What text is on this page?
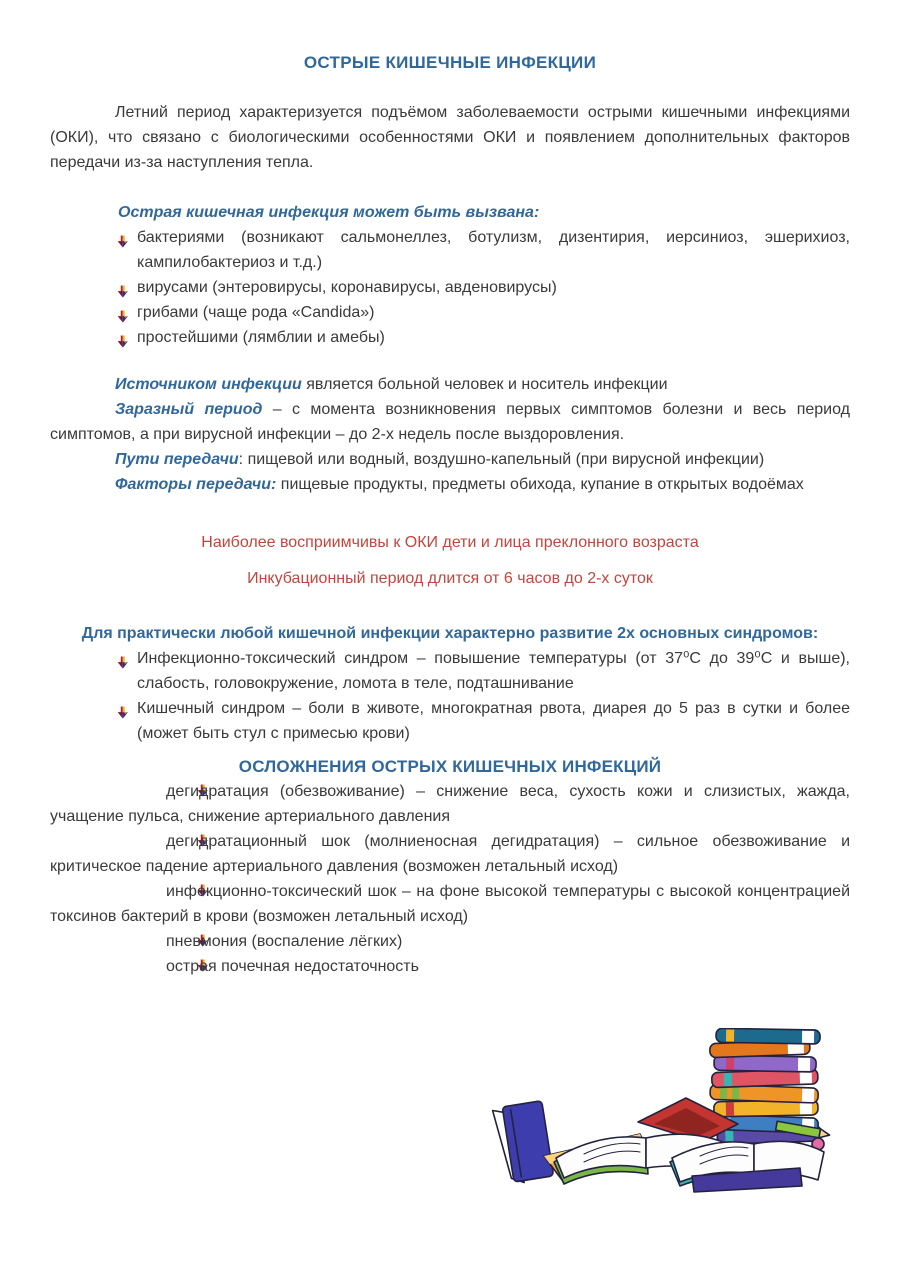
ОСТРЫЕ КИШЕЧНЫЕ ИНФЕКЦИИ

Летний период характеризуется подъёмом заболеваемости острыми кишечными инфекциями (ОКИ), что связано с биологическими особенностями ОКИ и появлением дополнительных факторов передачи из-за наступления тепла.

Острая кишечная инфекция может быть вызвана:
бактериями (возникают сальмонеллез, ботулизм, дизентирия, иерсиниоз, эшерихиоз, кампилобактериоз и т.д.)
вирусами (энтеровирусы, коронавирусы, авденовирусы)
грибами (чаще рода «Candida»)
простейшими (лямблии и амебы)

Источником инфекции является больной человек и носитель инфекции

Заразный период – с момента возникновения первых симптомов болезни и весь период симптомов, а при вирусной инфекции – до 2-х недель после выздоровления.

Пути передачи: пищевой или водный, воздушно-капельный (при вирусной инфекции)

Факторы передачи: пищевые продукты, предметы обихода, купание в открытых водоёмах

Наиболее восприимчивы к ОКИ дети и лица преклонного возраста

Инкубационный период длится от 6 часов до 2-х суток

Для практически любой кишечной инфекции характерно развитие 2х основных синдромов:
Инфекционно-токсический синдром – повышение температуры (от 37⁰С до 39⁰С и выше), слабость, головокружение, ломота в теле, подташнивание
Кишечный синдром – боли в животе, многократная рвота, диарея до 5 раз в сутки и более (может быть стул с примесью крови)
ОСЛОЖНЕНИЯ ОСТРЫХ КИШЕЧНЫХ ИНФЕКЦИЙ

дегидратация (обезвоживание) – снижение веса, сухость кожи и слизистых, жажда, учащение пульса, снижение артериального давления

дегидратационный шок (молниеносная дегидратация) – сильное обезвоживание и критическое падение артериального давления (возможен летальный исход)

инфекционно-токсический шок – на фоне высокой температуры с высокой концентрацией токсинов бактерий в крови (возможен летальный исход)

пневмония (воспаление лёгких)

острая почечная недостаточность
